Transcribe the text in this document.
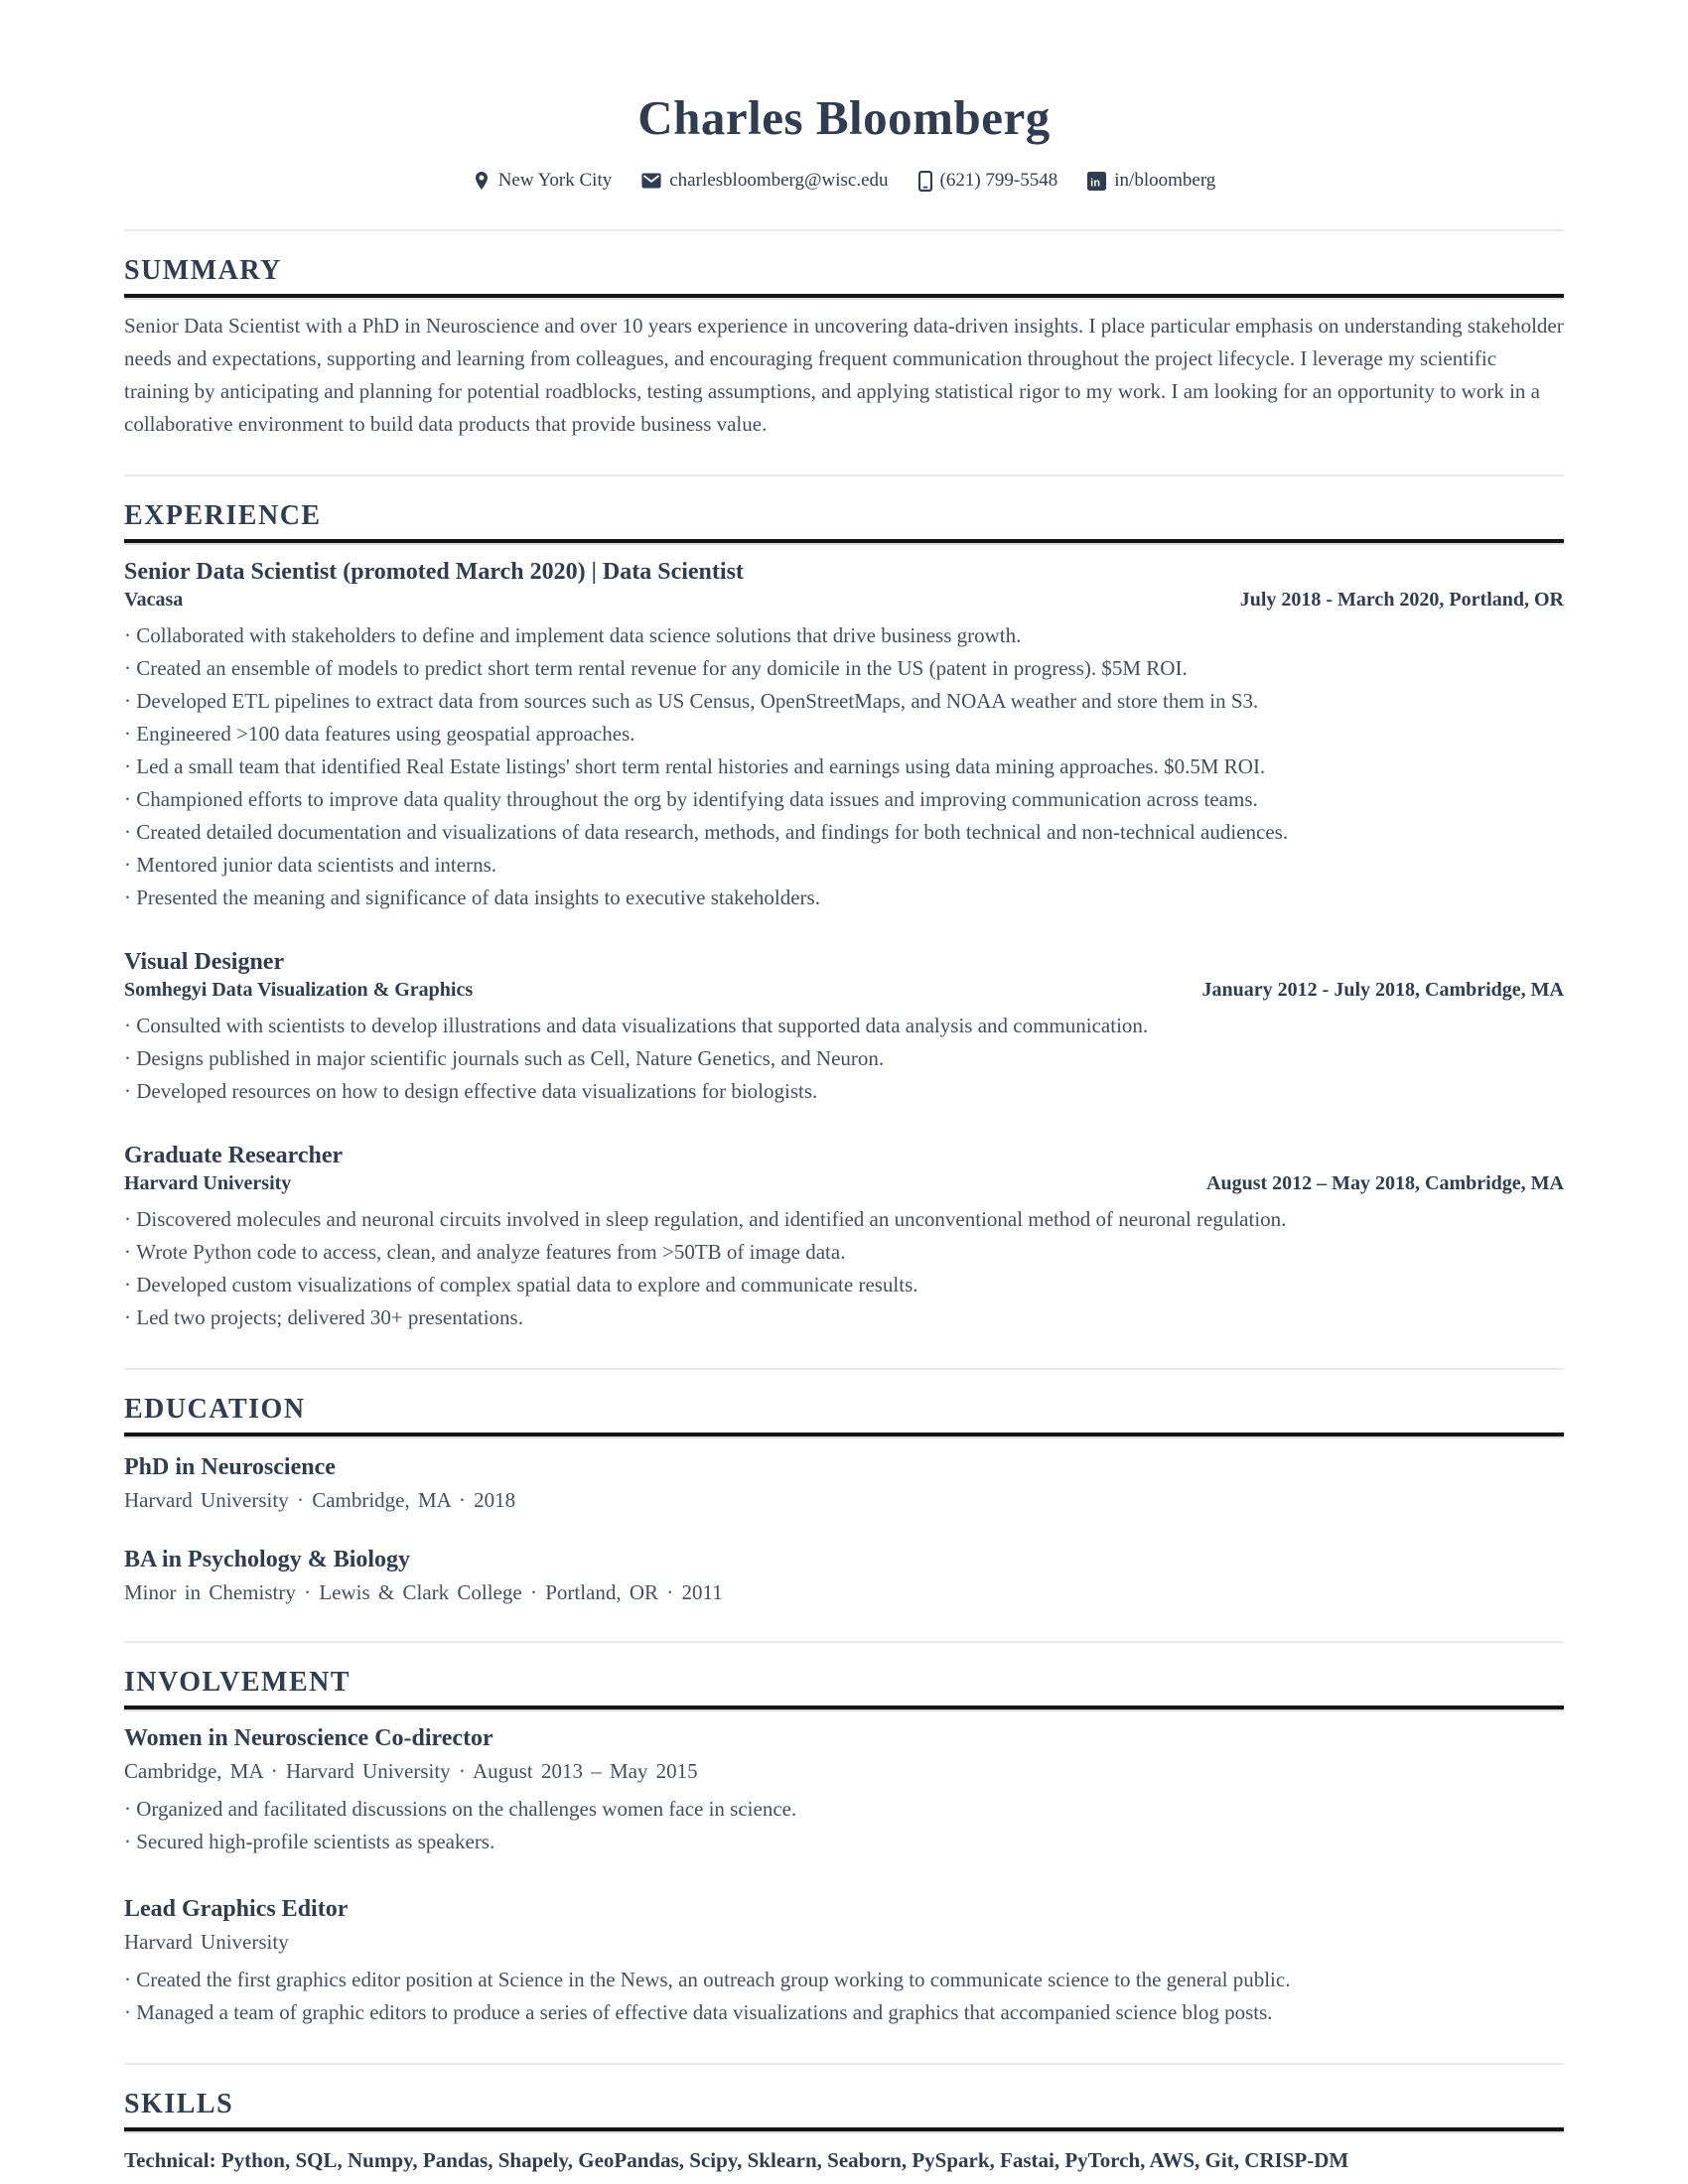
Charles Bloomberg
New York City	charlesbloomberg@wisc.edu	(621) 799-5548 in in/bloomberg
SUMMARY
Senior Data Scientist with a PhD in Neuroscience and over 10 years experience in uncovering data-driven insights. I place particular emphasis on understanding stakeholder needs and expectations, supporting and learning from colleagues, and encouraging frequent communication throughout the project lifecycle. I leverage my scientific training by anticipating and planning for potential roadblocks, testing assumptions, and applying statistical rigor to my work. I am looking for an opportunity to work in a collaborative environment to build data products that provide business value.
EXPERIENCE
Senior Data Scientist (promoted March 2020) | Data Scientist
Vacasa	July 2018 - March 2020, Portland, OR
· Collaborated with stakeholders to define and implement data science solutions that drive business growth.
· Created an ensemble of models to predict short term rental revenue for any domicile in the US (patent in progress). $5M ROI.
· Developed ETL pipelines to extract data from sources such as US Census, OpenStreetMaps, and NOAA weather and store them in S3.
· Engineered >100 data features using geospatial approaches.
· Led a small team that identified Real Estate listings' short term rental histories and earnings using data mining approaches. $0.5M ROI.
· Championed efforts to improve data quality throughout the org by identifying data issues and improving communication across teams.
· Created detailed documentation and visualizations of data research, methods, and findings for both technical and non-technical audiences.
· Mentored junior data scientists and interns.
· Presented the meaning and significance of data insights to executive stakeholders.
Visual Designer
Somhegyi Data Visualization & Graphics	January 2012 - July 2018, Cambridge, MA
· Consulted with scientists to develop illustrations and data visualizations that supported data analysis and communication.
· Designs published in major scientific journals such as Cell, Nature Genetics, and Neuron.
· Developed resources on how to design effective data visualizations for biologists.
Graduate Researcher
Harvard University	August 2012 – May 2018, Cambridge, MA
· Discovered molecules and neuronal circuits involved in sleep regulation, and identified an unconventional method of neuronal regulation.
· Wrote Python code to access, clean, and analyze features from >50TB of image data.
· Developed custom visualizations of complex spatial data to explore and communicate results.
· Led two projects; delivered 30+ presentations.
EDUCATION
PhD in Neuroscience
Harvard University · Cambridge, MA · 2018
BA in Psychology & Biology
Minor in Chemistry · Lewis & Clark College · Portland, OR · 2011
INVOLVEMENT
Women in Neuroscience Co-director
Cambridge, MA · Harvard University · August 2013 – May 2015
· Organized and facilitated discussions on the challenges women face in science.
· Secured high-profile scientists as speakers.
Lead Graphics Editor
Harvard University
· Created the first graphics editor position at Science in the News, an outreach group working to communicate science to the general public.
· Managed a team of graphic editors to produce a series of effective data visualizations and graphics that accompanied science blog posts.
SKILLS
Technical: Python, SQL, Numpy, Pandas, Shapely, GeoPandas, Scipy, Sklearn, Seaborn, PySpark, Fastai, PyTorch, AWS, Git, CRISP-DM
